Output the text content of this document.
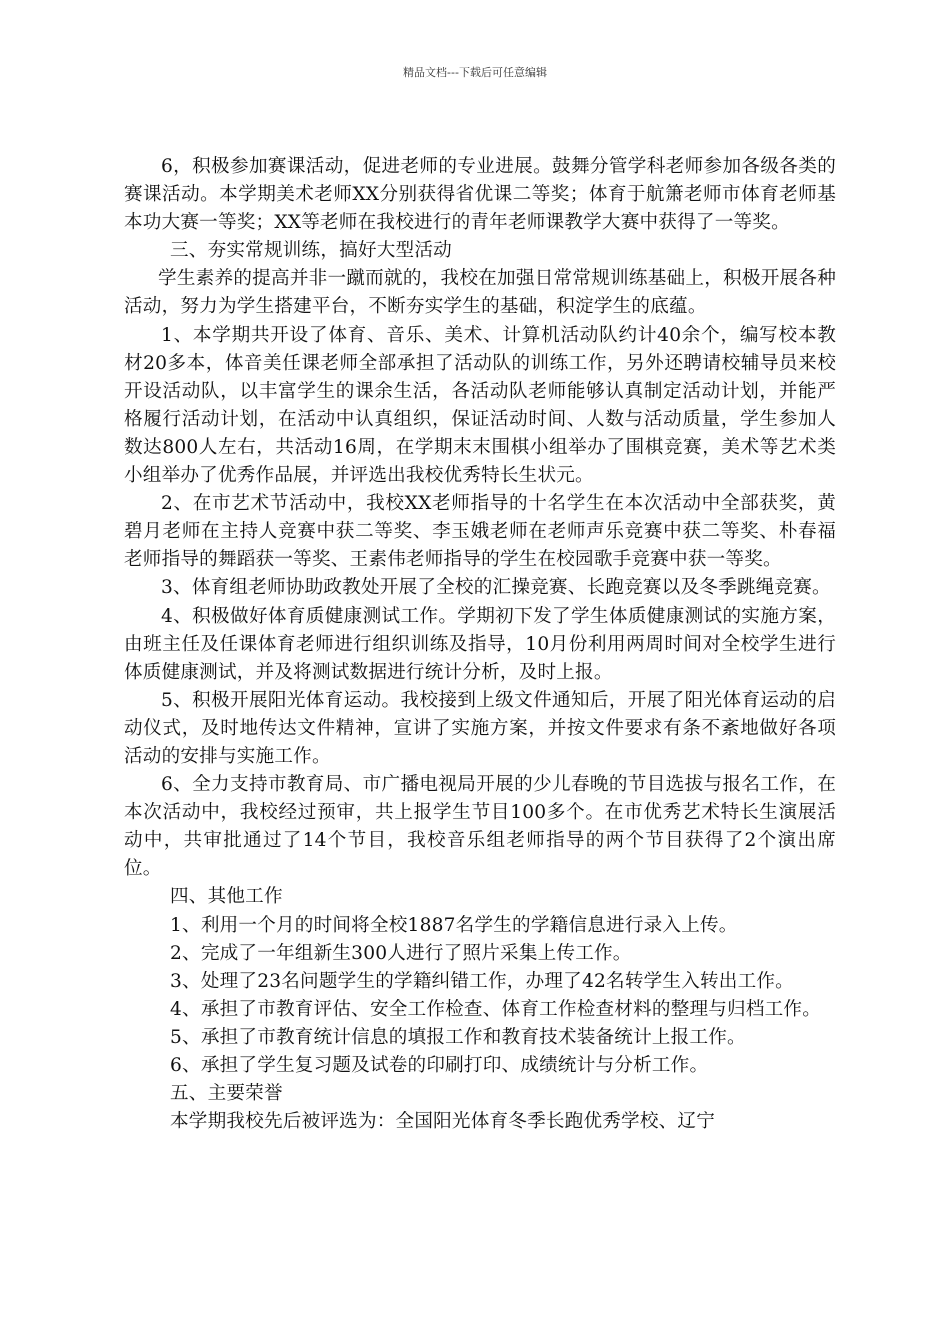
精品文档---下载后可任意编辑

6，积极参加赛课活动，促进老师的专业进展。鼓舞分管学科老师参加各级各类的赛课活动。本学期美术老师XX分别获得省优课二等奖；体育于航箫老师市体育老师基本功大赛一等奖；XX等老师在我校进行的青年老师课教学大赛中获得了一等奖。

三、夯实常规训练，搞好大型活动

学生素养的提高并非一蹴而就的，我校在加强日常常规训练基础上，积极开展各种活动，努力为学生搭建平台，不断夯实学生的基础，积淀学生的底蕴。

1、本学期共开设了体育、音乐、美术、计算机活动队约计40余个，编写校本教材20多本，体音美任课老师全部承担了活动队的训练工作，另外还聘请校辅导员来校开设活动队，以丰富学生的课余生活，各活动队老师能够认真制定活动计划，并能严格履行活动计划，在活动中认真组织，保证活动时间、人数与活动质量，学生参加人数达800人左右，共活动16周，在学期末末围棋小组举办了围棋竞赛，美术等艺术类小组举办了优秀作品展，并评选出我校优秀特长生状元。

2、在市艺术节活动中，我校XX老师指导的十名学生在本次活动中全部获奖，黄碧月老师在主持人竞赛中获二等奖、李玉娥老师在老师声乐竞赛中获二等奖、朴春福老师指导的舞蹈获一等奖、王素伟老师指导的学生在校园歌手竞赛中获一等奖。

3、体育组老师协助政教处开展了全校的汇操竞赛、长跑竞赛以及冬季跳绳竞赛。

4、积极做好体育质健康测试工作。学期初下发了学生体质健康测试的实施方案，由班主任及任课体育老师进行组织训练及指导，10月份利用两周时间对全校学生进行体质健康测试，并及将测试数据进行统计分析，及时上报。

5、积极开展阳光体育运动。我校接到上级文件通知后，开展了阳光体育运动的启动仪式，及时地传达文件精神，宣讲了实施方案，并按文件要求有条不紊地做好各项活动的安排与实施工作。

6、全力支持市教育局、市广播电视局开展的少儿春晚的节目选拔与报名工作，在本次活动中，我校经过预审，共上报学生节目100多个。在市优秀艺术特长生演展活动中，共审批通过了14个节目，我校音乐组老师指导的两个节目获得了2个演出席位。

四、其他工作

1、利用一个月的时间将全校1887名学生的学籍信息进行录入上传。

2、完成了一年组新生300人进行了照片采集上传工作。

3、处理了23名问题学生的学籍纠错工作，办理了42名转学生入转出工作。

4、承担了市教育评估、安全工作检查、体育工作检查材料的整理与归档工作。

5、承担了市教育统计信息的填报工作和教育技术装备统计上报工作。

6、承担了学生复习题及试卷的印刷打印、成绩统计与分析工作。

五、主要荣誉

本学期我校先后被评选为：全国阳光体育冬季长跑优秀学校、辽宁
